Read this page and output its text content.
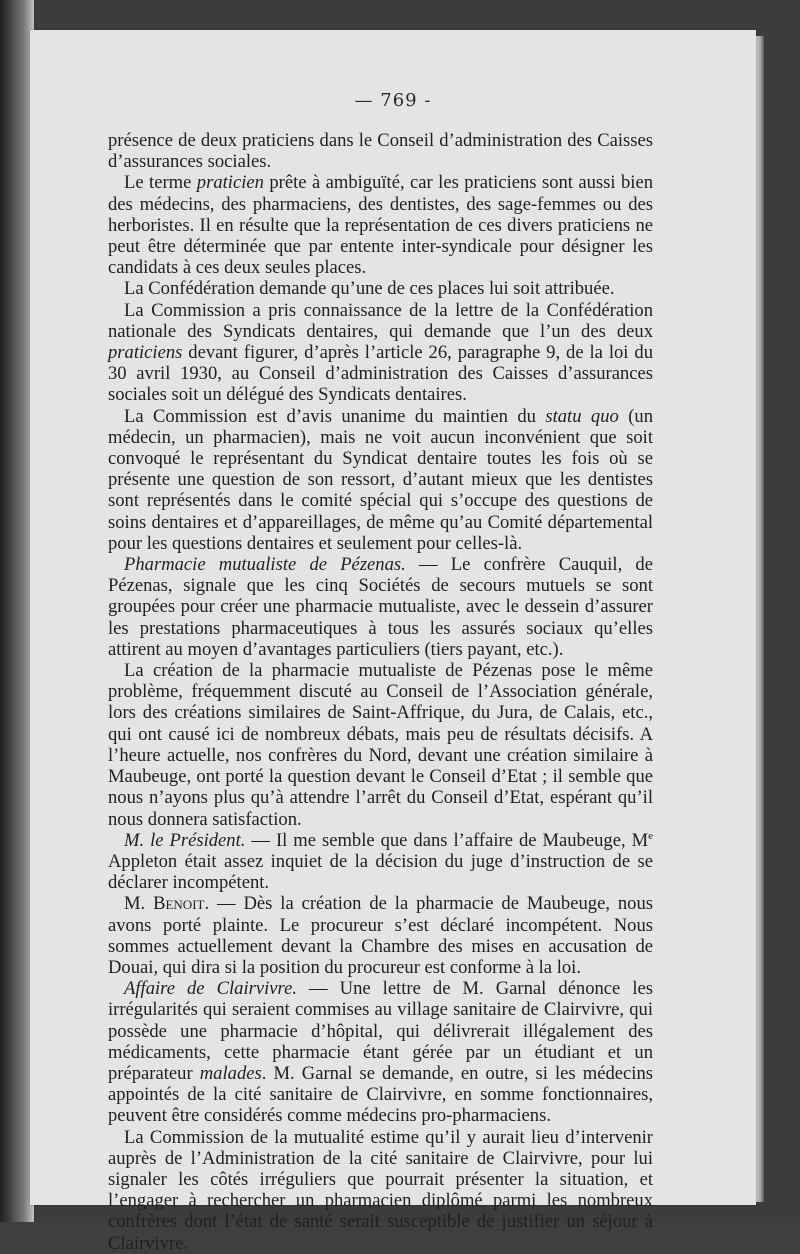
— 769 -

présence de deux praticiens dans le Conseil d’administration des Caisses d’assurances sociales.

Le terme praticien prête à ambiguïté, car les praticiens sont aussi bien des médecins, des pharmaciens, des dentistes, des sage-femmes ou des herboristes. Il en résulte que la représentation de ces divers praticiens ne peut être déterminée que par entente inter-syndicale pour désigner les candidats à ces deux seules places.

La Confédération demande qu’une de ces places lui soit attribuée.

La Commission a pris connaissance de la lettre de la Confédération nationale des Syndicats dentaires, qui demande que l’un des deux praticiens devant figurer, d’après l’article 26, paragraphe 9, de la loi du 30 avril 1930, au Conseil d’administration des Caisses d’assurances sociales soit un délégué des Syndicats dentaires.

La Commission est d’avis unanime du maintien du statu quo (un médecin, un pharmacien), mais ne voit aucun inconvénient que soit convoqué le représentant du Syndicat dentaire toutes les fois où se présente une question de son ressort, d’autant mieux que les dentistes sont représentés dans le comité spécial qui s’occupe des questions de soins dentaires et d’appareillages, de même qu’au Comité départemental pour les questions dentaires et seulement pour celles-là.

Pharmacie mutualiste de Pézenas. — Le confrère Cauquil, de Pézenas, signale que les cinq Sociétés de secours mutuels se sont groupées pour créer une pharmacie mutualiste, avec le dessein d’assurer les prestations pharmaceutiques à tous les assurés sociaux qu’elles attirent au moyen d’avantages particuliers (tiers payant, etc.).

La création de la pharmacie mutualiste de Pézenas pose le même problème, fréquemment discuté au Conseil de l’Association générale, lors des créations similaires de Saint-Affrique, du Jura, de Calais, etc., qui ont causé ici de nombreux débats, mais peu de résultats décisifs. A l’heure actuelle, nos confrères du Nord, devant une création similaire à Maubeuge, ont porté la question devant le Conseil d’Etat ; il semble que nous n’ayons plus qu’à attendre l’arrêt du Conseil d’Etat, espérant qu’il nous donnera satisfaction.

M. le Président. — Il me semble que dans l’affaire de Maubeuge, Me Appleton était assez inquiet de la décision du juge d’instruction de se déclarer incompétent.

M. Benoit. — Dès la création de la pharmacie de Maubeuge, nous avons porté plainte. Le procureur s’est déclaré incompétent. Nous sommes actuellement devant la Chambre des mises en accusation de Douai, qui dira si la position du procureur est conforme à la loi.

Affaire de Clairvivre. — Une lettre de M. Garnal dénonce les irrégularités qui seraient commises au village sanitaire de Clairvivre, qui possède une pharmacie d’hôpital, qui délivrerait illégalement des médicaments, cette pharmacie étant gérée par un étudiant et un préparateur malades. M. Garnal se demande, en outre, si les médecins appointés de la cité sanitaire de Clairvivre, en somme fonctionnaires, peuvent être considérés comme médecins pro-pharmaciens.

La Commission de la mutualité estime qu’il y aurait lieu d’intervenir auprès de l’Administration de la cité sanitaire de Clairvivre, pour lui signaler les côtés irréguliers que pourrait présenter la situation, et l’engager à rechercher un pharmacien diplômé parmi les nombreux confrères dont l’état de santé serait susceptible de justifier un séjour à Clairvivre.
